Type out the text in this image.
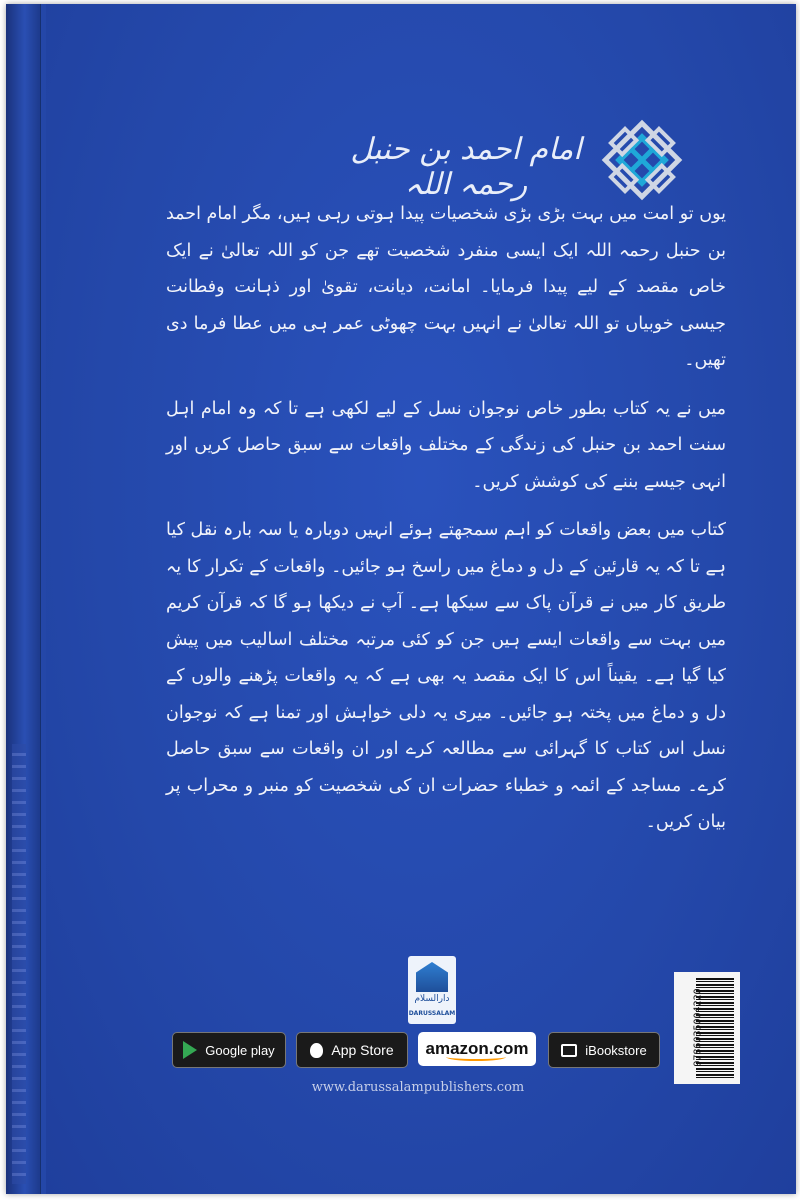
امام احمد بن حنبل رحمہ اللہ

یوں تو امت میں بہت بڑی بڑی شخصیات پیدا ہوتی رہی ہیں، مگر امام احمد بن حنبل رحمہ اللہ ایک ایسی منفرد شخصیت تھے جن کو اللہ تعالیٰ نے ایک خاص مقصد کے لیے پیدا فرمایا۔ امانت، دیانت، تقویٰ اور ذہانت وفطانت جیسی خوبیاں تو اللہ تعالیٰ نے انہیں بہت چھوٹی عمر ہی میں عطا فرما دی تھیں۔

میں نے یہ کتاب بطور خاص نوجوان نسل کے لیے لکھی ہے تا کہ وہ امام اہل سنت احمد بن حنبل کی زندگی کے مختلف واقعات سے سبق حاصل کریں اور انہی جیسے بننے کی کوشش کریں۔

کتاب میں بعض واقعات کو اہم سمجھتے ہوئے انہیں دوبارہ یا سہ بارہ نقل کیا ہے تا کہ یہ قارئین کے دل و دماغ میں راسخ ہو جائیں۔ واقعات کے تکرار کا یہ طریق کار میں نے قرآن پاک سے سیکھا ہے۔ آپ نے دیکھا ہو گا کہ قرآن کریم میں بہت سے واقعات ایسے ہیں جن کو کئی مرتبہ مختلف اسالیب میں پیش کیا گیا ہے۔ یقیناً اس کا ایک مقصد یہ بھی ہے کہ یہ واقعات پڑھنے والوں کے دل و دماغ میں پختہ ہو جائیں۔ میری یہ دلی خواہش اور تمنا ہے کہ نوجوان نسل اس کتاب کا گہرائی سے مطالعہ کرے اور ان واقعات سے سبق حاصل کرے۔ مساجد کے ائمہ و خطباء حضرات ان کی شخصیت کو منبر و محراب پر بیان کریں۔

دارالسلام
DARUSSALAM	9786035004220
Google play	App Store amazon.com	iBookstore
www.darussalampublishers.com
